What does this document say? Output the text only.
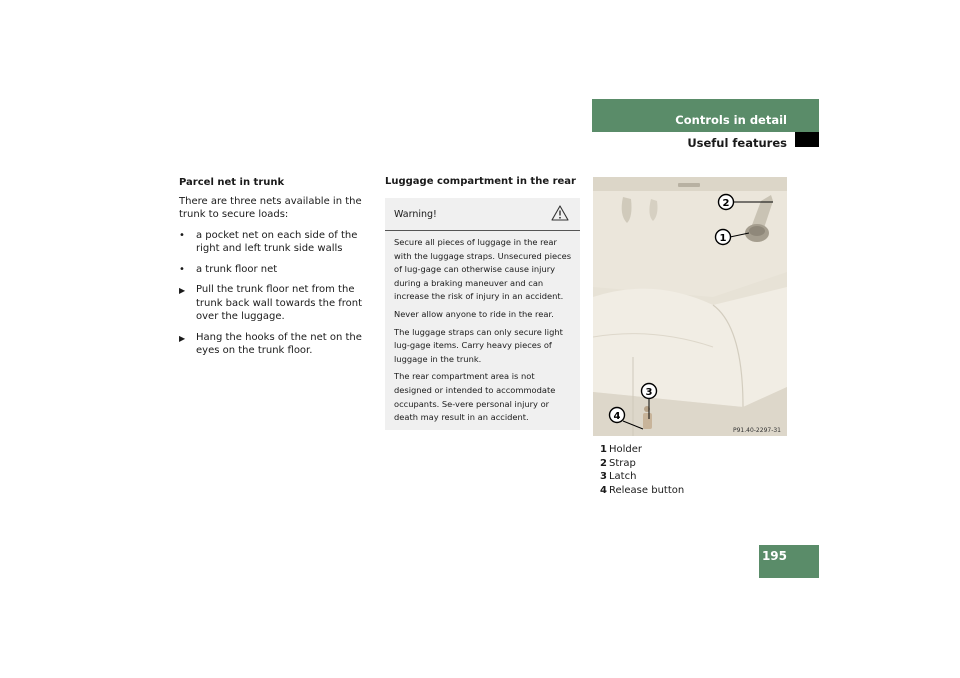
Controls in detail
Useful features
Parcel net in trunk
There are three nets available in the trunk to secure loads:
• a pocket net on each side of the right and left trunk side walls
• a trunk floor net
▶ Pull the trunk floor net from the trunk back wall towards the front over the luggage.
▶ Hang the hooks of the net on the eyes on the trunk floor.
Luggage compartment in the rear
Warning!

Secure all pieces of luggage in the rear with the luggage straps. Unsecured pieces of lug-gage can otherwise cause injury during a braking maneuver and can increase the risk of injury in an accident.

Never allow anyone to ride in the rear.

The luggage straps can only secure light lug-gage items. Carry heavy pieces of luggage in the trunk.

The rear compartment area is not designed or intended to accommodate occupants. Se-vere personal injury or death may result in an accident.

2
1
3
4
P91.40-2297-31
1 Holder
2 Strap
3 Latch
4 Release button
195
